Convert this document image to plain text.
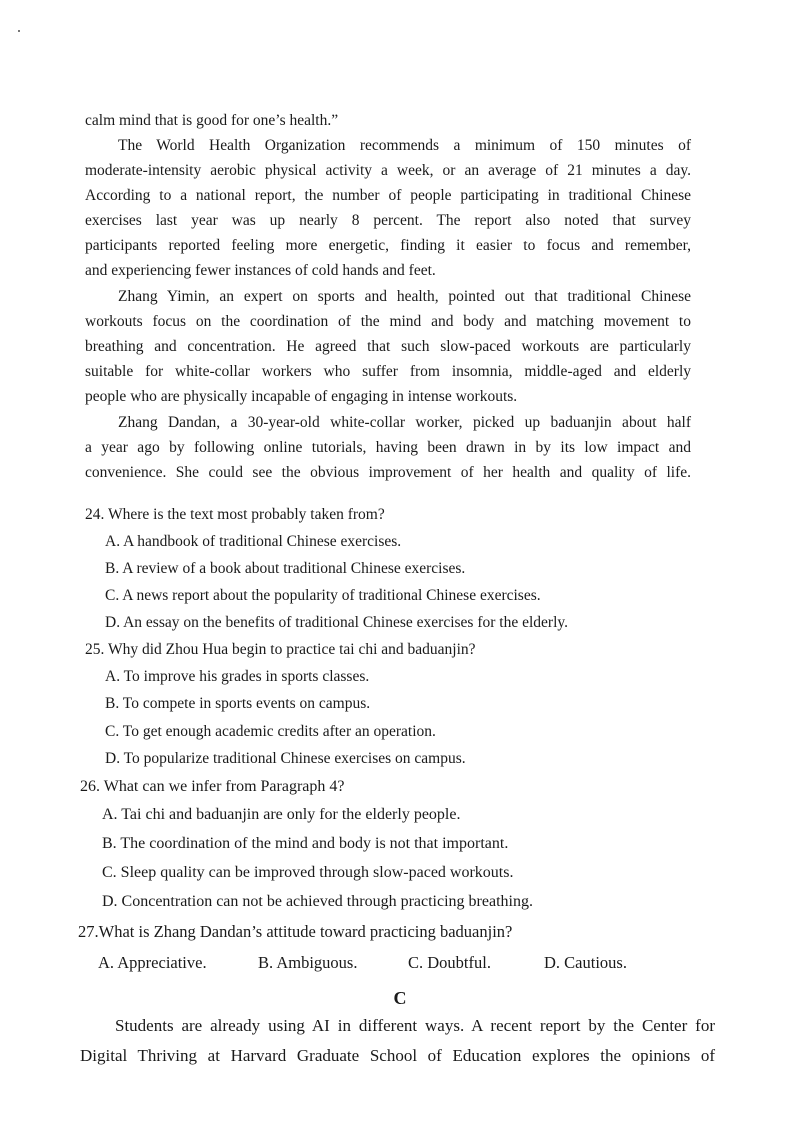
calm mind that is good for one’s health.”
The World Health Organization recommends a minimum of 150 minutes of
moderate-intensity aerobic physical activity a week, or an average of 21 minutes a day.
According to a national report, the number of people participating in traditional Chinese
exercises last year was up nearly 8 percent. The report also noted that survey
participants reported feeling more energetic, finding it easier to focus and remember,
and experiencing fewer instances of cold hands and feet.
Zhang Yimin, an expert on sports and health, pointed out that traditional Chinese
workouts focus on the coordination of the mind and body and matching movement to
breathing and concentration. He agreed that such slow-paced workouts are particularly
suitable for white-collar workers who suffer from insomnia, middle-aged and elderly
people who are physically incapable of engaging in intense workouts.
Zhang Dandan, a 30-year-old white-collar worker, picked up baduanjin about half
a year ago by following online tutorials, having been drawn in by its low impact and
convenience. She could see the obvious improvement of her health and quality of life.
24. Where is the text most probably taken from?
A. A handbook of traditional Chinese exercises.
B. A review of a book about traditional Chinese exercises.
C. A news report about the popularity of traditional Chinese exercises.
D. An essay on the benefits of traditional Chinese exercises for the elderly.
25. Why did Zhou Hua begin to practice tai chi and baduanjin?
A. To improve his grades in sports classes.
B. To compete in sports events on campus.
C. To get enough academic credits after an operation.
D. To popularize traditional Chinese exercises on campus.
26. What can we infer from Paragraph 4?
A. Tai chi and baduanjin are only for the elderly people.
B. The coordination of the mind and body is not that important.
C. Sleep quality can be improved through slow-paced workouts.
D. Concentration can not be achieved through practicing breathing.
27.What is Zhang Dandan’s attitude toward practicing baduanjin?
A. Appreciative.	B. Ambiguous.	C. Doubtful.	D. Cautious.
C
Students are already using AI in different ways. A recent report by the Center for
Digital Thriving at Harvard Graduate School of Education explores the opinions of
